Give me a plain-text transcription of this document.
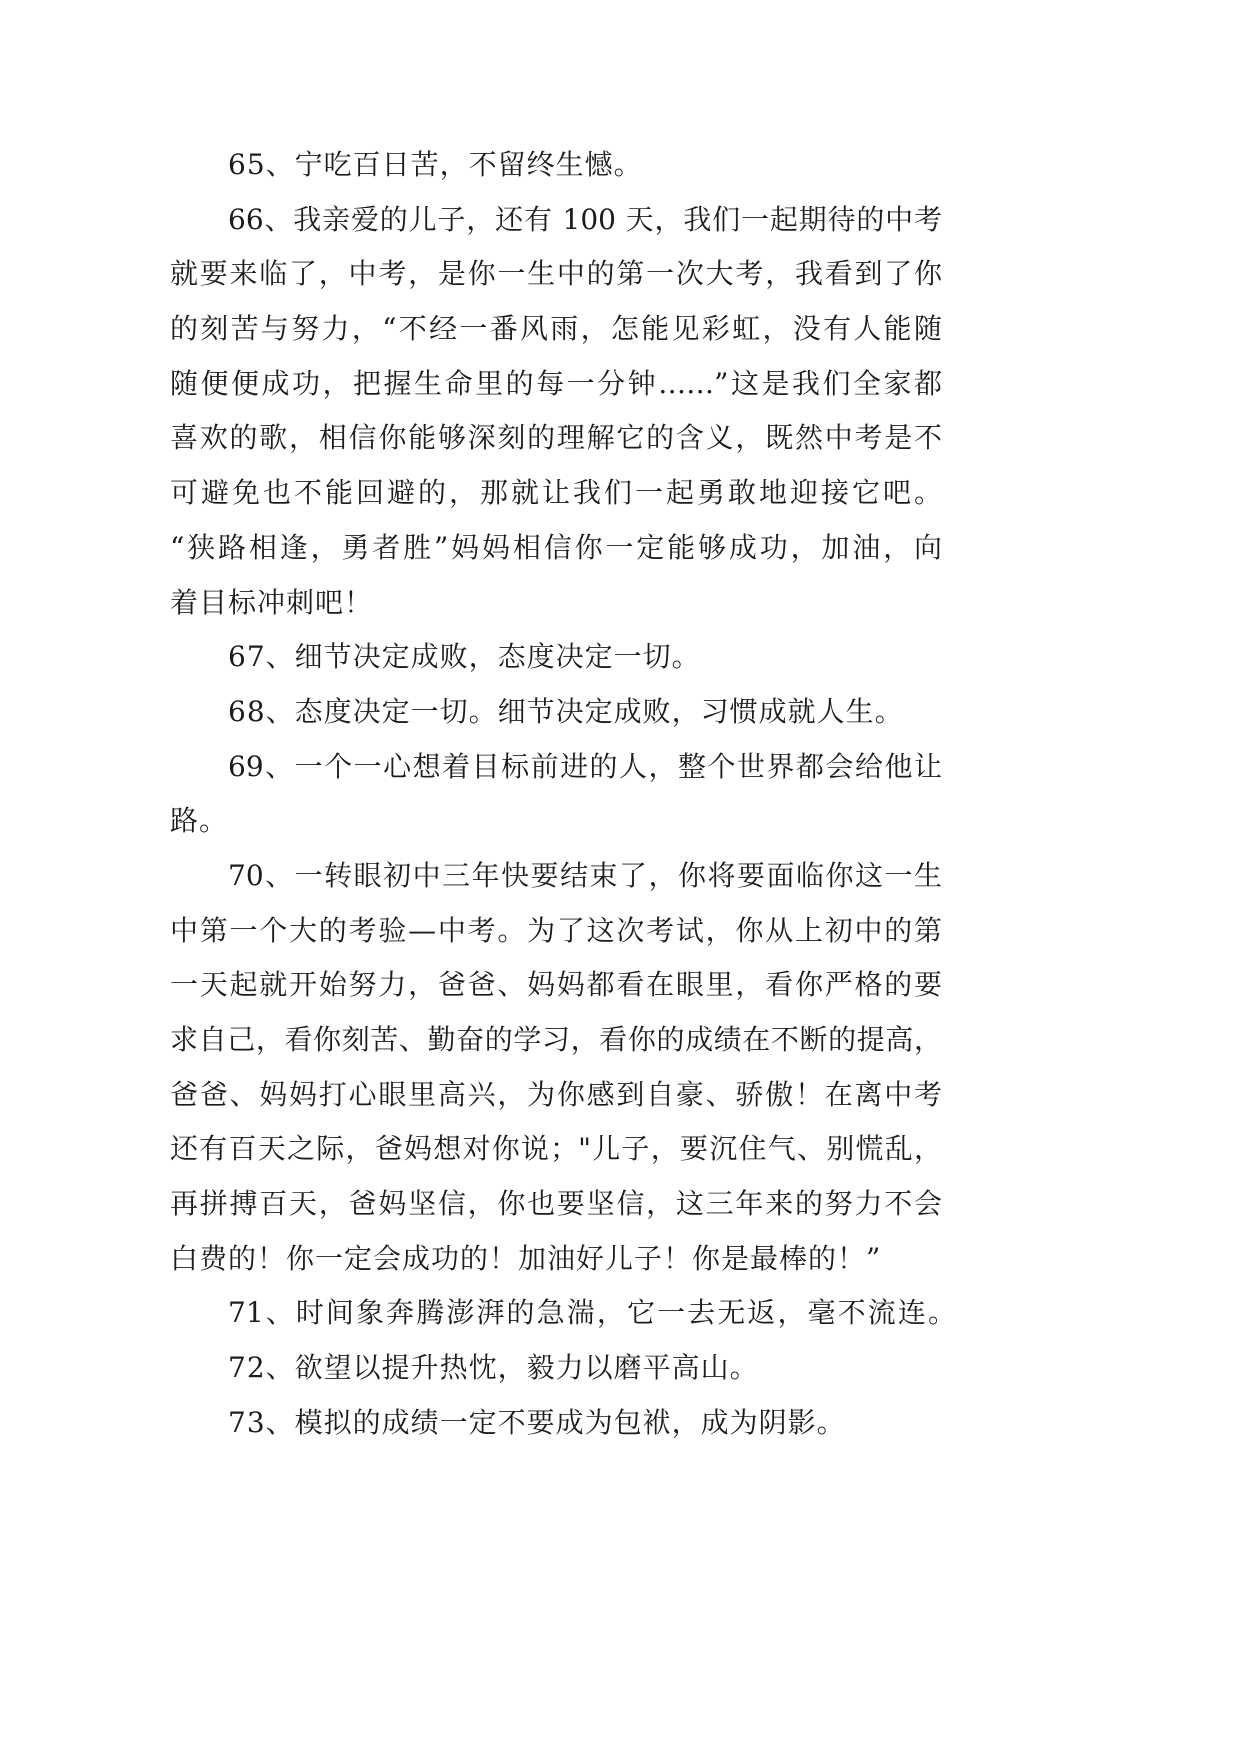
65、宁吃百日苦，不留终生憾。
66、我亲爱的儿子，还有 100 天，我们一起期待的中考
就要来临了，中考，是你一生中的第一次大考，我看到了你
的刻苦与努力，“不经一番风雨，怎能见彩虹，没有人能随
随便便成功，把握生命里的每一分钟……”这是我们全家都
喜欢的歌，相信你能够深刻的理解它的含义，既然中考是不
可避免也不能回避的，那就让我们一起勇敢地迎接它吧。
“狭路相逢，勇者胜”妈妈相信你一定能够成功，加油，向
着目标冲刺吧！
67、细节决定成败，态度决定一切。
68、态度决定一切。细节决定成败，习惯成就人生。
69、一个一心想着目标前进的人，整个世界都会给他让
路。
70、一转眼初中三年快要结束了，你将要面临你这一生
中第一个大的考验—中考。为了这次考试，你从上初中的第
一天起就开始努力，爸爸、妈妈都看在眼里，看你严格的要
求自己，看你刻苦、勤奋的学习，看你的成绩在不断的提高，
爸爸、妈妈打心眼里高兴，为你感到自豪、骄傲！在离中考
还有百天之际，爸妈想对你说；"儿子，要沉住气、别慌乱，
再拼搏百天，爸妈坚信，你也要坚信，这三年来的努力不会
白费的！你一定会成功的！加油好儿子！你是最棒的！”
71、时间象奔腾澎湃的急湍，它一去无返，毫不流连。
72、欲望以提升热忱，毅力以磨平高山。
73、模拟的成绩一定不要成为包袱，成为阴影。
